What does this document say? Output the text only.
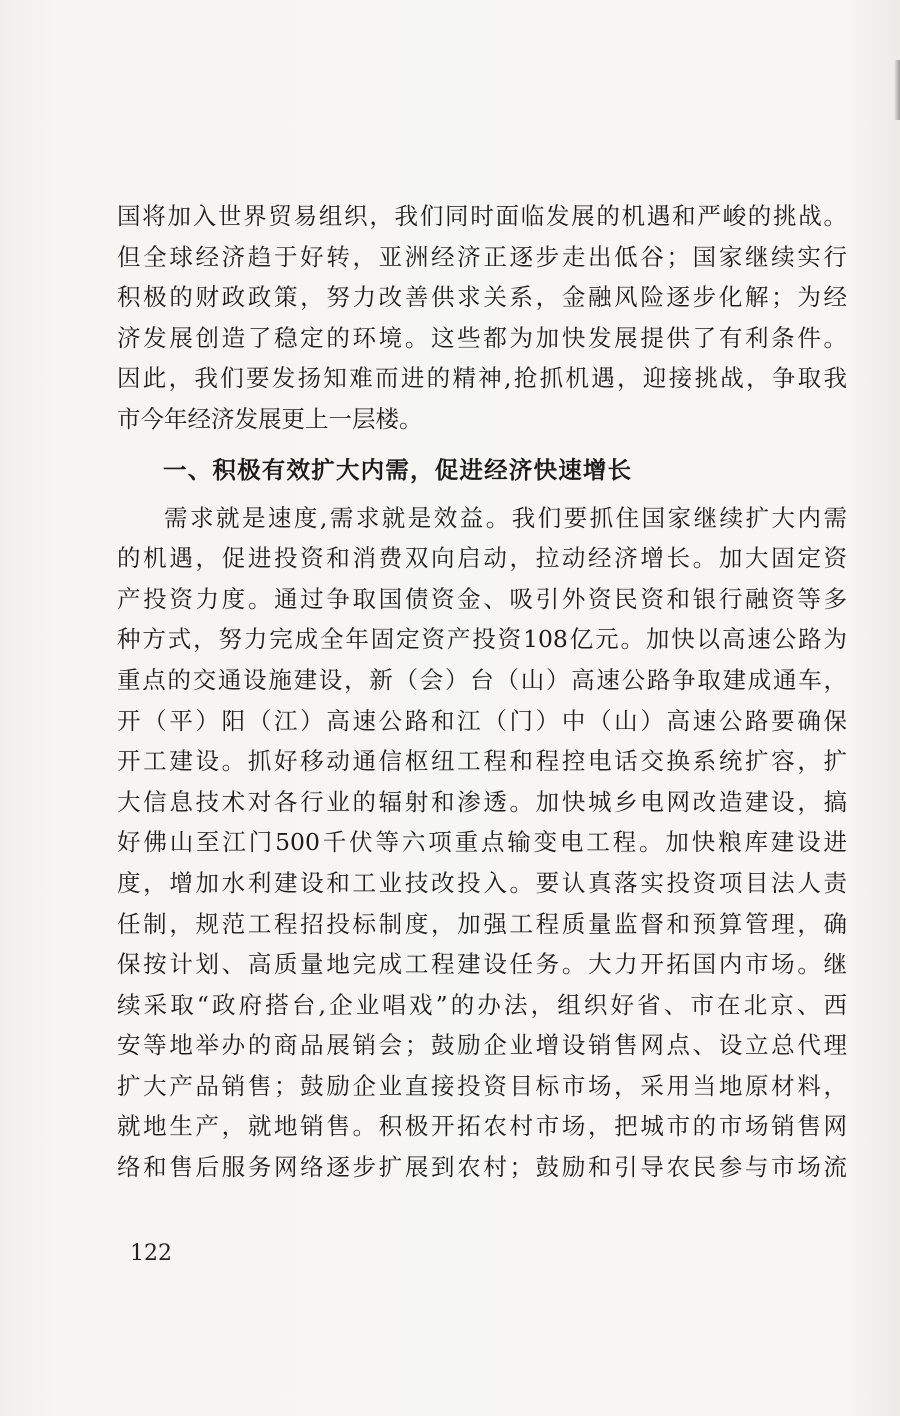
国将加入世界贸易组织，我们同时面临发展的机遇和严峻的挑战。
但全球经济趋于好转，亚洲经济正逐步走出低谷；国家继续实行
积极的财政政策，努力改善供求关系，金融风险逐步化解；为经
济发展创造了稳定的环境。这些都为加快发展提供了有利条件。
因此，我们要发扬知难而进的精神,抢抓机遇，迎接挑战，争取我
市今年经济发展更上一层楼。
一、积极有效扩大内需，促进经济快速增长
需求就是速度,需求就是效益。我们要抓住国家继续扩大内需
的机遇，促进投资和消费双向启动，拉动经济增长。加大固定资
产投资力度。通过争取国债资金、吸引外资民资和银行融资等多
种方式，努力完成全年固定资产投资108亿元。加快以高速公路为
重点的交通设施建设，新（会）台（山）高速公路争取建成通车，
开（平）阳（江）高速公路和江（门）中（山）高速公路要确保
开工建设。抓好移动通信枢纽工程和程控电话交换系统扩容，扩
大信息技术对各行业的辐射和渗透。加快城乡电网改造建设，搞
好佛山至江门500千伏等六项重点输变电工程。加快粮库建设进
度，增加水利建设和工业技改投入。要认真落实投资项目法人责
任制，规范工程招投标制度，加强工程质量监督和预算管理，确
保按计划、高质量地完成工程建设任务。大力开拓国内市场。继
续采取“政府搭台,企业唱戏”的办法，组织好省、市在北京、西
安等地举办的商品展销会；鼓励企业增设销售网点、设立总代理
扩大产品销售；鼓励企业直接投资目标市场，采用当地原材料，
就地生产，就地销售。积极开拓农村市场，把城市的市场销售网
络和售后服务网络逐步扩展到农村；鼓励和引导农民参与市场流
122
